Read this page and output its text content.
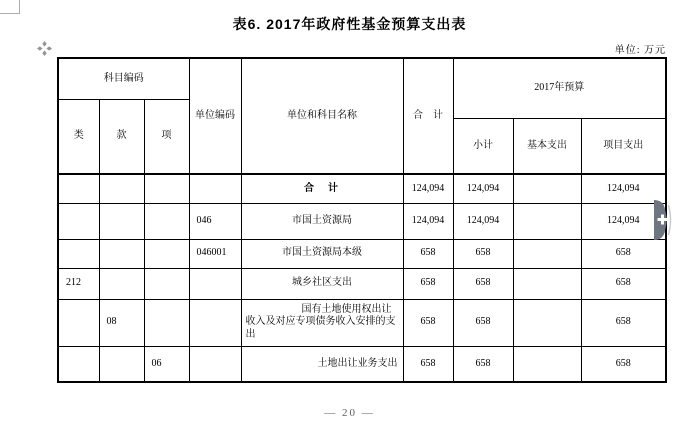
表6. 2017年政府性基金预算支出表
单位: 万元
科目编码			单位编码	单位和科目名称	合　计	2017年预算		
类	款	项						
						小计	基本支出	项目支出
				合　计	124,094	124,094		124,094
			046	市国土资源局	124,094	124,094		124,094
			046001	市国土资源局本级	658	658		658
212				城乡社区支出	658	658		658
	08			国有土地使用权出让收入及对应专项债务收入安排的支出	658	658		658
		06		土地出让业务支出	658	658		658
— 20 —
